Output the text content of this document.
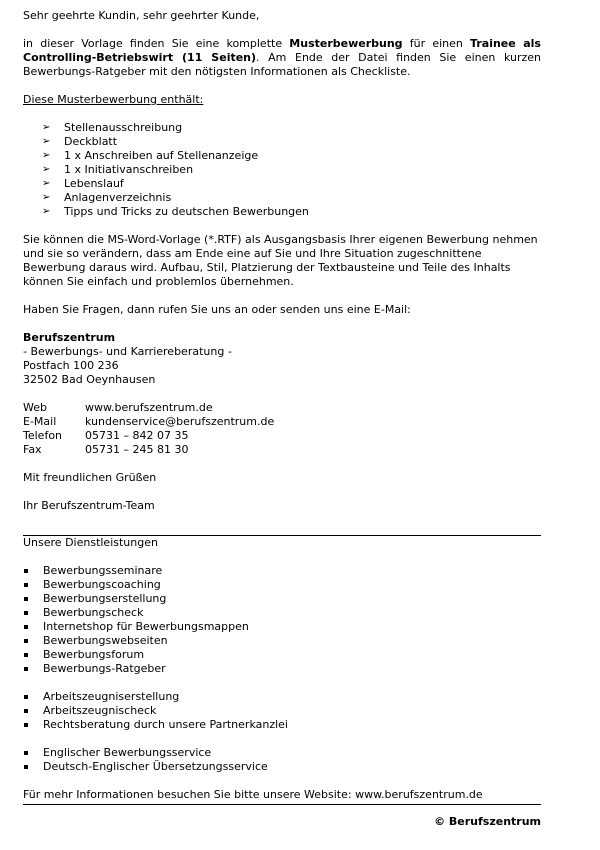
Sehr geehrte Kundin, sehr geehrter Kunde,

in dieser Vorlage finden Sie eine komplette Musterbewerbung für einen Trainee als Controlling-Betriebswirt (11 Seiten). Am Ende der Datei finden Sie einen kurzen Bewerbungs-Ratgeber mit den nötigsten Informationen als Checkliste.

Diese Musterbewerbung enthält:

➢ Stellenausschreibung
➢ Deckblatt
➢ 1 x Anschreiben auf Stellenanzeige
➢ 1 x Initiativanschreiben
➢ Lebenslauf
➢ Anlagenverzeichnis
➢ Tipps und Tricks zu deutschen Bewerbungen

Sie können die MS-Word-Vorlage (*.RTF) als Ausgangsbasis Ihrer eigenen Bewerbung nehmen und sie so verändern, dass am Ende eine auf Sie und Ihre Situation zugeschnittene Bewerbung daraus wird. Aufbau, Stil, Platzierung der Textbausteine und Teile des Inhalts können Sie einfach und problemlos übernehmen.

Haben Sie Fragen, dann rufen Sie uns an oder senden uns eine E-Mail:

Berufszentrum

- Bewerbungs- und Karriereberatung -

Postfach 100 236

32502 Bad Oeynhausen

Web	www.berufszentrum.de
E-Mail	kundenservice@berufszentrum.de
Telefon	05731 – 842 07 35
Fax	05731 – 245 81 30

Mit freundlichen Grüßen

Ihr Berufszentrum-Team

Unsere Dienstleistungen

Bewerbungsseminare
Bewerbungscoaching
Bewerbungserstellung
Bewerbungscheck
Internetshop für Bewerbungsmappen
Bewerbungswebseiten
Bewerbungsforum
Bewerbungs-Ratgeber
Arbeitszeugniserstellung
Arbeitszeugnischeck
Rechtsberatung durch unsere Partnerkanzlei
Englischer Bewerbungsservice
Deutsch-Englischer Übersetzungsservice

Für mehr Informationen besuchen Sie bitte unsere Website: www.berufszentrum.de

© Berufszentrum
